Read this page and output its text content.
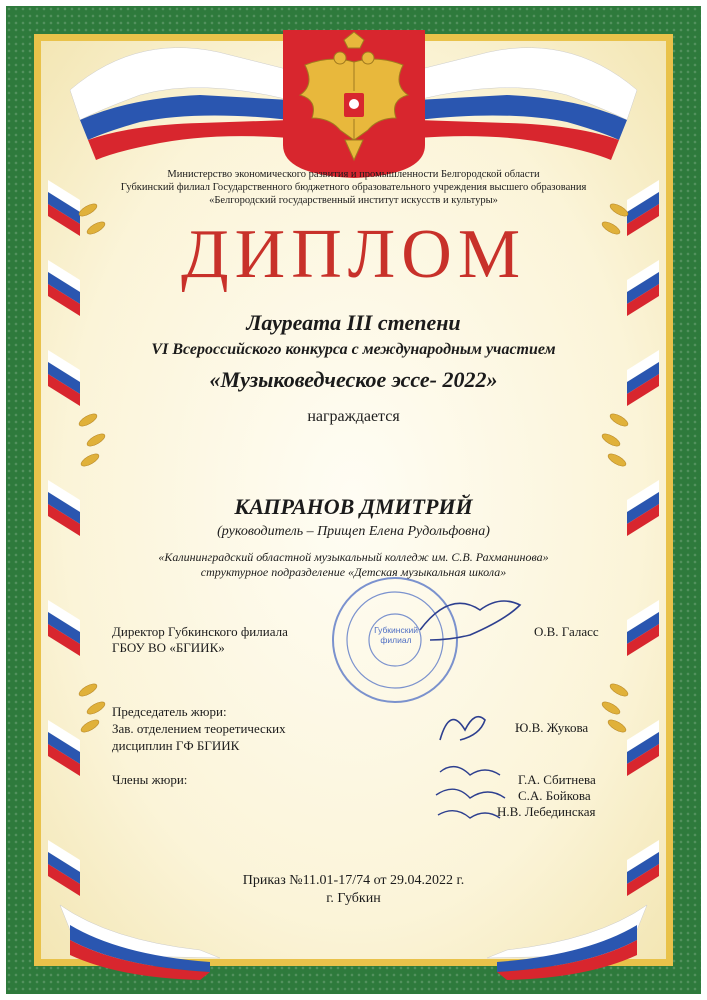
Губкинский филиал
Министерство экономического развития и промышленности Белгородской области
Губкинский филиал Государственного бюджетного образовательного учреждения высшего образования
«Белгородский государственный институт искусств и культуры»
ДИПЛОМ
Лауреата III степени
VI Всероссийского конкурса с международным участием
«Музыковедческое эссе- 2022»
награждается
КАПРАНОВ ДМИТРИЙ
(руководитель – Прищеп Елена Рудольфовна)
«Калининградский областной музыкальный колледж им. С.В. Рахманинова»
структурное подразделение «Детская музыкальная школа»
Директор Губкинского филиала
ГБОУ ВО «БГИИК»
О.В. Галасс
Председатель жюри:
Зав. отделением теоретических
дисциплин ГФ БГИИК
Ю.В. Жукова
Члены жюри:	Г.А. Сбитнева
С.А. Бойкова
Н.В. Лебединская
Приказ №11.01-17/74 от 29.04.2022 г.
г. Губкин
